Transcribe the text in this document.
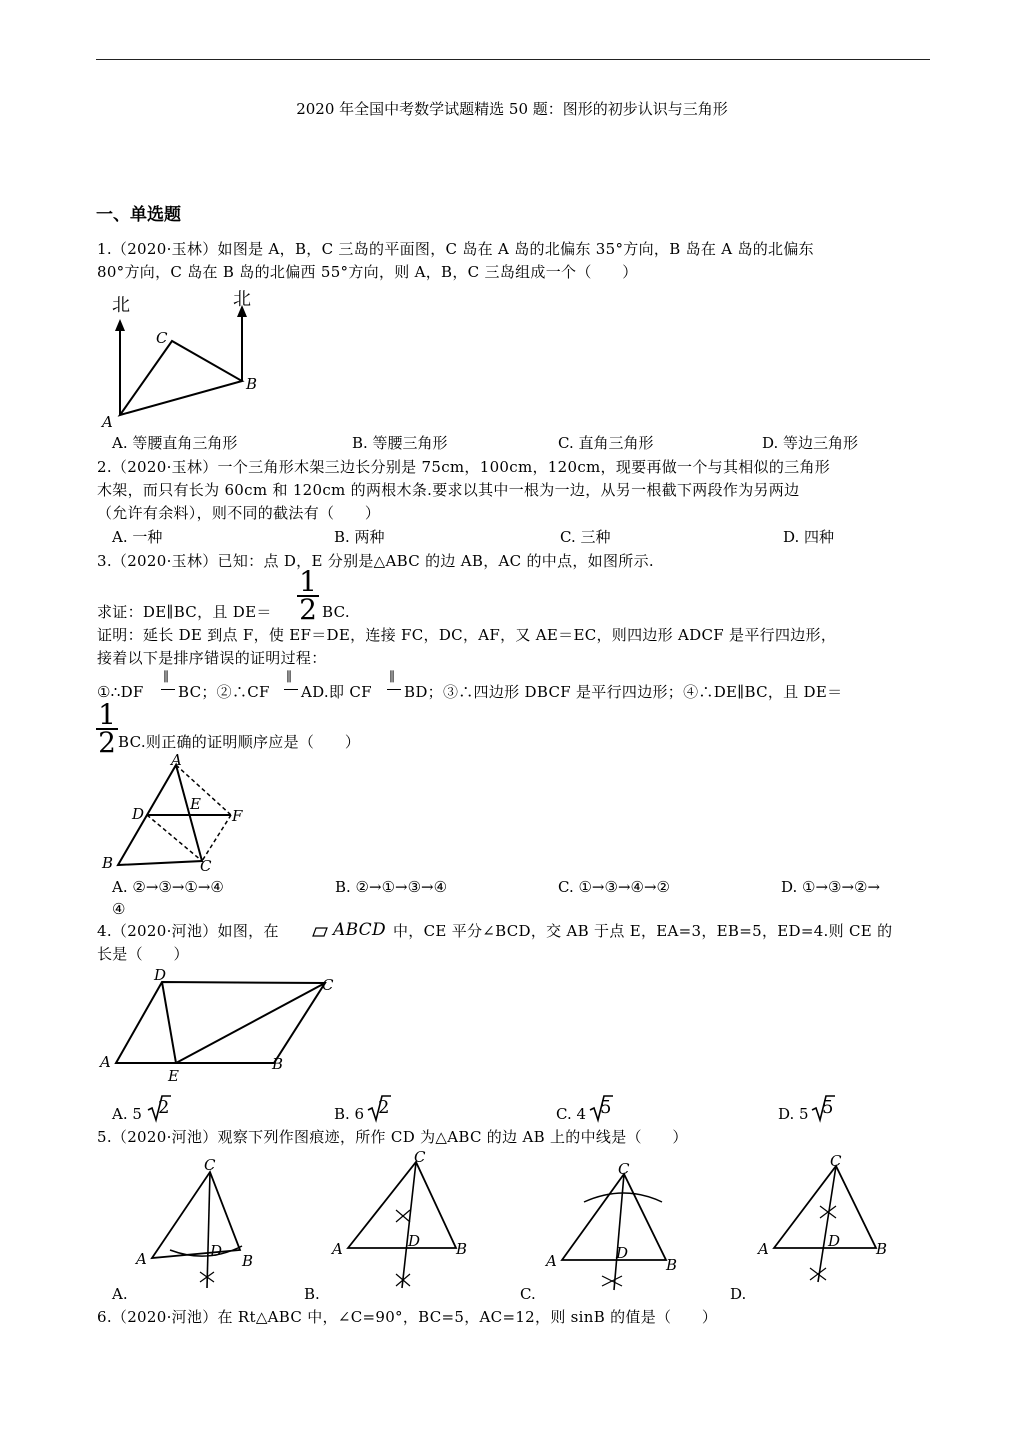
2020 年全国中考数学试题精选 50 题：图形的初步认识与三角形
一、单选题
1.（2020·玉林）如图是 A，B，C 三岛的平面图，C 岛在 A 岛的北偏东 35°方向，B 岛在 A 岛的北偏东
80°方向，C 岛在 B 岛的北偏西 55°方向，则 A，B，C 三岛组成一个（　　）
北	北
C
B
A
A. 等腰直角三角形	B. 等腰三角形	C. 直角三角形	D. 等边三角形
2.（2020·玉林）一个三角形木架三边长分别是 75cm，100cm，120cm，现要再做一个与其相似的三角形
木架，而只有长为 60cm 和 120cm 的两根木条.要求以其中一根为一边，从另一根截下两段作为另两边
（允许有余料），则不同的截法有（　　）
A. 一种	B. 两种	C. 三种	D. 四种
3.（2020·玉林）已知：点 D，E 分别是△ABC 的边 AB，AC 的中点，如图所示.
求证：DE∥BC，且 DE＝
1
2 BC.
证明：延长 DE 到点 F，使 EF＝DE，连接 FC，DC，AF，又 AE＝EC，则四边形 ADCF 是平行四边形，
接着以下是排序错误的证明过程：
①∴DF
∥
BC；②∴CF
∥
AD.即 CF
∥
BD；③∴四边形 DBCF 是平行四边形；④∴DE∥BC，且 DE＝
1
2 BC.则正确的证明顺序应是（　　）
A
D
E
F
B	C
A. ②→③→①→④	B. ②→①→③→④	C. ①→③→④→②	D. ①→③→②→
④
4.（2020·河池）如图，在	ABCD 中，CE 平分∠BCD，交 AB 于点 E，EA=3，EB=5，ED=4.则 CE 的
长是（　　）
D
C
A
E
B
A. 5 2	B. 6 2	C. 4 5	D. 5 5
5.（2020·河池）观察下列作图痕迹，所作 CD 为△ABC 的边 AB 上的中线是（　　）
C
A	D
B
A.
C
A	D B
B.
C
A	D
B
C.
C
A	D B
D.
6.（2020·河池）在 Rt△ABC 中，∠C=90°，BC=5，AC=12，则 sinB 的值是（　　）
